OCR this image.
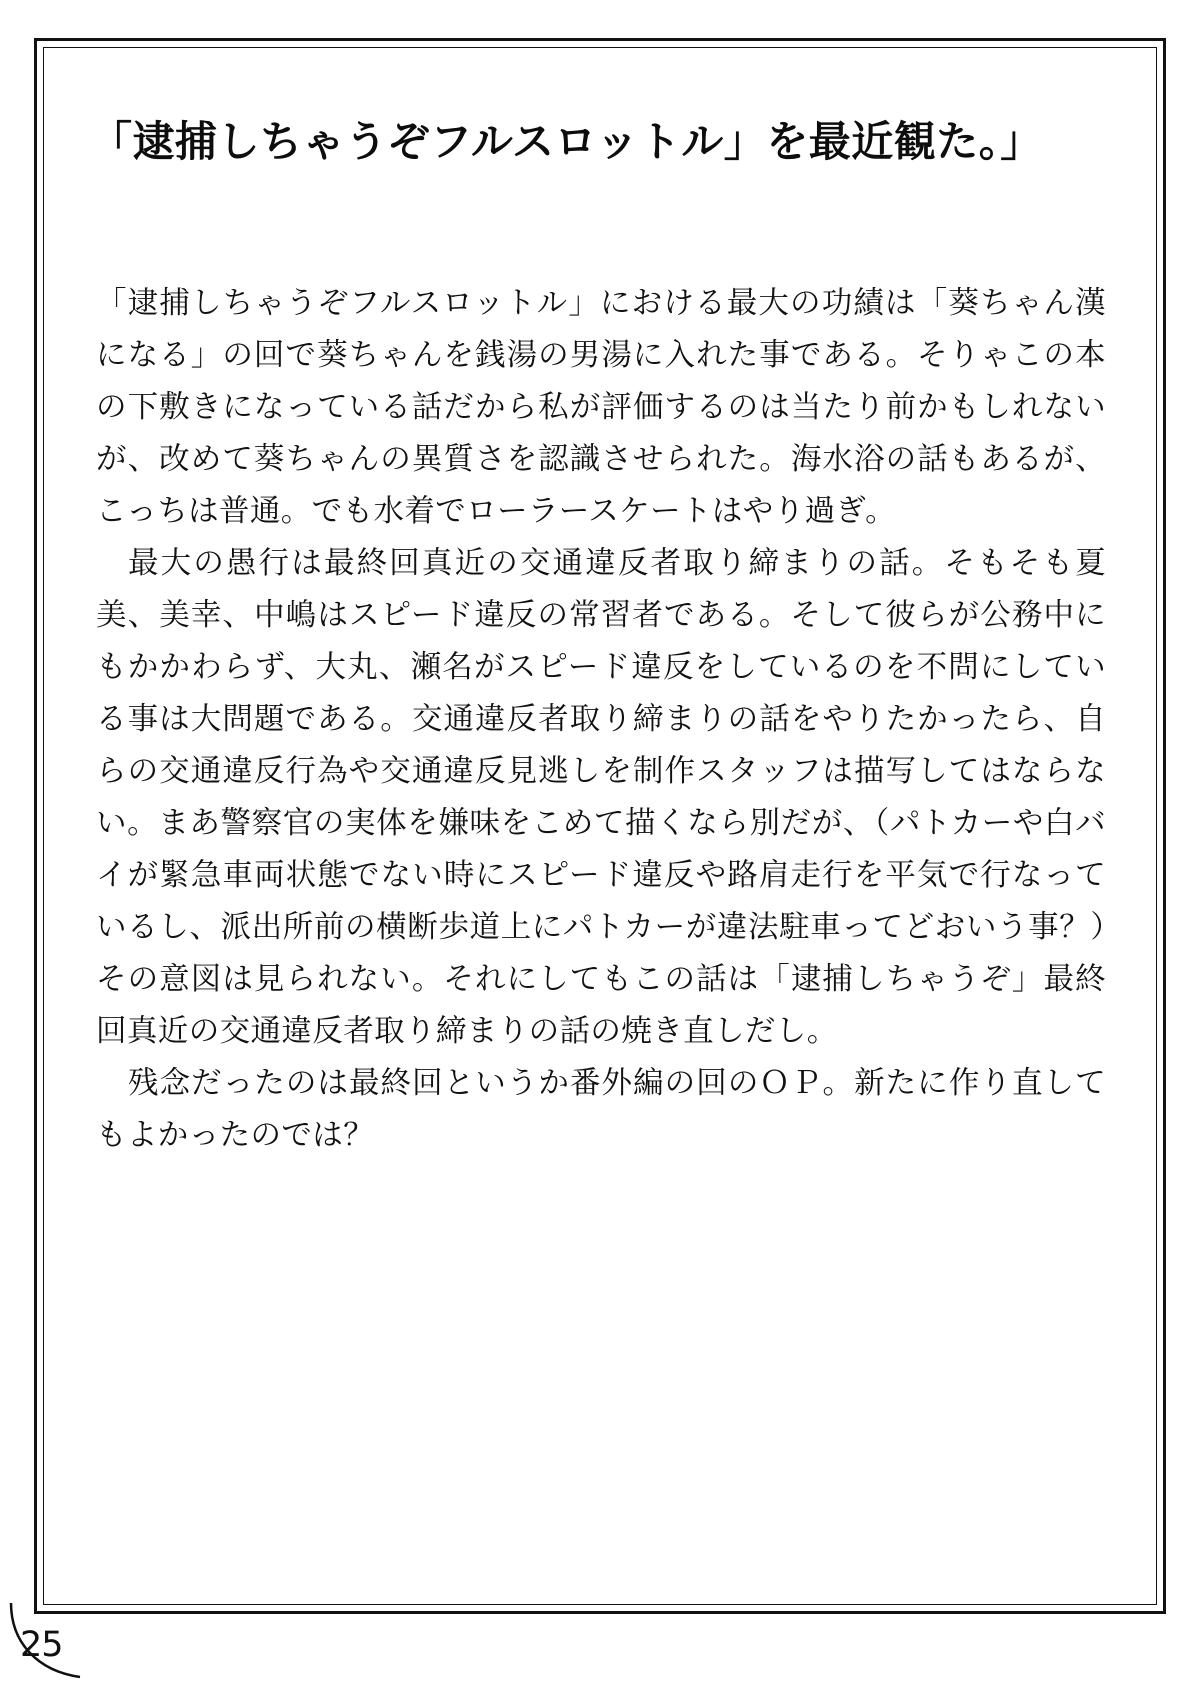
「逮捕しちゃうぞフルスロットル」を最近観た。」

「逮捕しちゃうぞフルスロットル」における最大の功績は「葵ちゃん漢になる」の回で葵ちゃんを銭湯の男湯に入れた事である。そりゃこの本の下敷きになっている話だから私が評価するのは当たり前かもしれないが、改めて葵ちゃんの異質さを認識させられた。海水浴の話もあるが、こっちは普通。でも水着でローラースケートはやり過ぎ。

最大の愚行は最終回真近の交通違反者取り締まりの話。そもそも夏美、美幸、中嶋はスピード違反の常習者である。そして彼らが公務中にもかかわらず、大丸、瀬名がスピード違反をしているのを不問にしている事は大問題である。交通違反者取り締まりの話をやりたかったら、自らの交通違反行為や交通違反見逃しを制作スタッフは描写してはならない。まあ警察官の実体を嫌味をこめて描くなら別だが、（パトカーや白バイが緊急車両状態でない時にスピード違反や路肩走行を平気で行なっているし、派出所前の横断歩道上にパトカーが違法駐車ってどおいう事？）その意図は見られない。それにしてもこの話は「逮捕しちゃうぞ」最終回真近の交通違反者取り締まりの話の焼き直しだし。

残念だったのは最終回というか番外編の回のＯＰ。新たに作り直してもよかったのでは？

25
